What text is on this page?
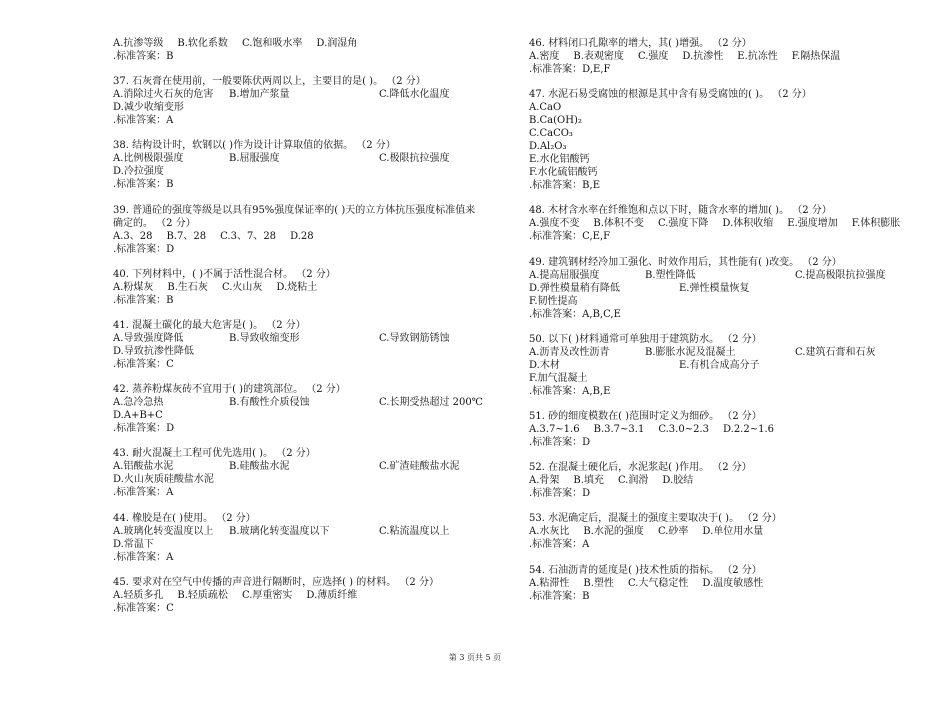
A.抗渗等级 B.软化系数 C.饱和吸水率 D.润湿角
.标准答案：B
37. 石灰膏在使用前，一般要陈伏两周以上，主要目的是( )。 （2 分）
A.消除过火石灰的危害	B.增加产浆量	C.降低水化温度
D.减少收缩变形
.标准答案：A
38. 结构设计时，软钢以( )作为设计计算取值的依据。 （2 分）
A.比例极限强度	B.屈服强度	C.极限抗拉强度
D.冷拉强度
.标准答案：B
39. 普通砼的强度等级是以具有95%强度保证率的( )天的立方体抗压强度标准值来
确定的。 （2 分）
A.3、28 B.7、28 C.3、7、28 D.28
.标准答案：D
40. 下列材料中，( )不属于活性混合材。 （2 分）
A.粉煤灰 B.生石灰 C.火山灰 D.烧粘土
.标准答案：B
41. 混凝土碳化的最大危害是( )。 （2 分）
A.导致强度降低	B.导致收缩变形	C.导致钢筋锈蚀
D.导致抗渗性降低
.标准答案：C
42. 蒸养粉煤灰砖不宜用于( )的建筑部位。 （2 分）
A.急冷急热	B.有酸性介质侵蚀	C.长期受热超过 200℃
D.A+B+C
.标准答案：D
43. 耐火混凝土工程可优先选用( )。 （2 分）
A.铝酸盐水泥	B.硅酸盐水泥	C.矿渣硅酸盐水泥
D.火山灰质硅酸盐水泥
.标准答案：A
44. 橡胶是在( )使用。 （2 分）
A.玻璃化转变温度以上	B.玻璃化转变温度以下	C.粘流温度以上
D.常温下
.标准答案：A
45. 要求对在空气中传播的声音进行隔断时，应选择( ) 的材料。 （2 分）
A.轻质多孔 B.轻质疏松 C.厚重密实 D.薄质纤维
.标准答案：C
46. 材料闭口孔隙率的增大，其( )增强。 （2 分）
A.密度 B.表观密度 C.强度 D.抗渗性 E.抗冻性 F.隔热保温
.标准答案：D,E,F
47. 水泥石易受腐蚀的根源是其中含有易受腐蚀的( )。 （2 分）
A.CaO
B.Ca(OH)₂
C.CaCO₃
D.Al₂O₃
E.水化铝酸钙
F.水化硫铝酸钙
.标准答案：B,E
48. 木材含水率在纤维饱和点以下时，随含水率的增加( )。 （2 分）
A.强度不变 B.体积不变 C.强度下降 D.体积收缩 E.强度增加 F.体积膨胀
.标准答案：C,E,F
49. 建筑钢材经冷加工强化、时效作用后，其性能有( )改变。 （2 分）
A.提高屈服强度	B.塑性降低	C.提高极限抗拉强度
D.弹性模量稍有降低	E.弹性模量恢复
F.韧性提高
.标准答案：A,B,C,E
50. 以下( )材料通常可单独用于建筑防水。 （2 分）
A.沥青及改性沥青	B.膨胀水泥及混凝土	C.建筑石膏和石灰
D.木材	E.有机合成高分子
F.加气混凝土
.标准答案：A,B,E
51. 砂的细度模数在( )范围时定义为细砂。 （2 分）
A.3.7~1.6 B.3.7~3.1 C.3.0~2.3 D.2.2~1.6
.标准答案：D
52. 在混凝土硬化后，水泥浆起( )作用。 （2 分）
A.骨架 B.填充 C.润滑 D.胶结
.标准答案：D
53. 水泥确定后，混凝土的强度主要取决于( )。 （2 分）
A.水灰比 B.水泥的强度 C.砂率 D.单位用水量
.标准答案：A
54. 石油沥青的延度是( )技术性质的指标。 （2 分）
A.粘滞性 B.塑性 C.大气稳定性 D.温度敏感性
.标准答案：B
第 3 页共 5 页
